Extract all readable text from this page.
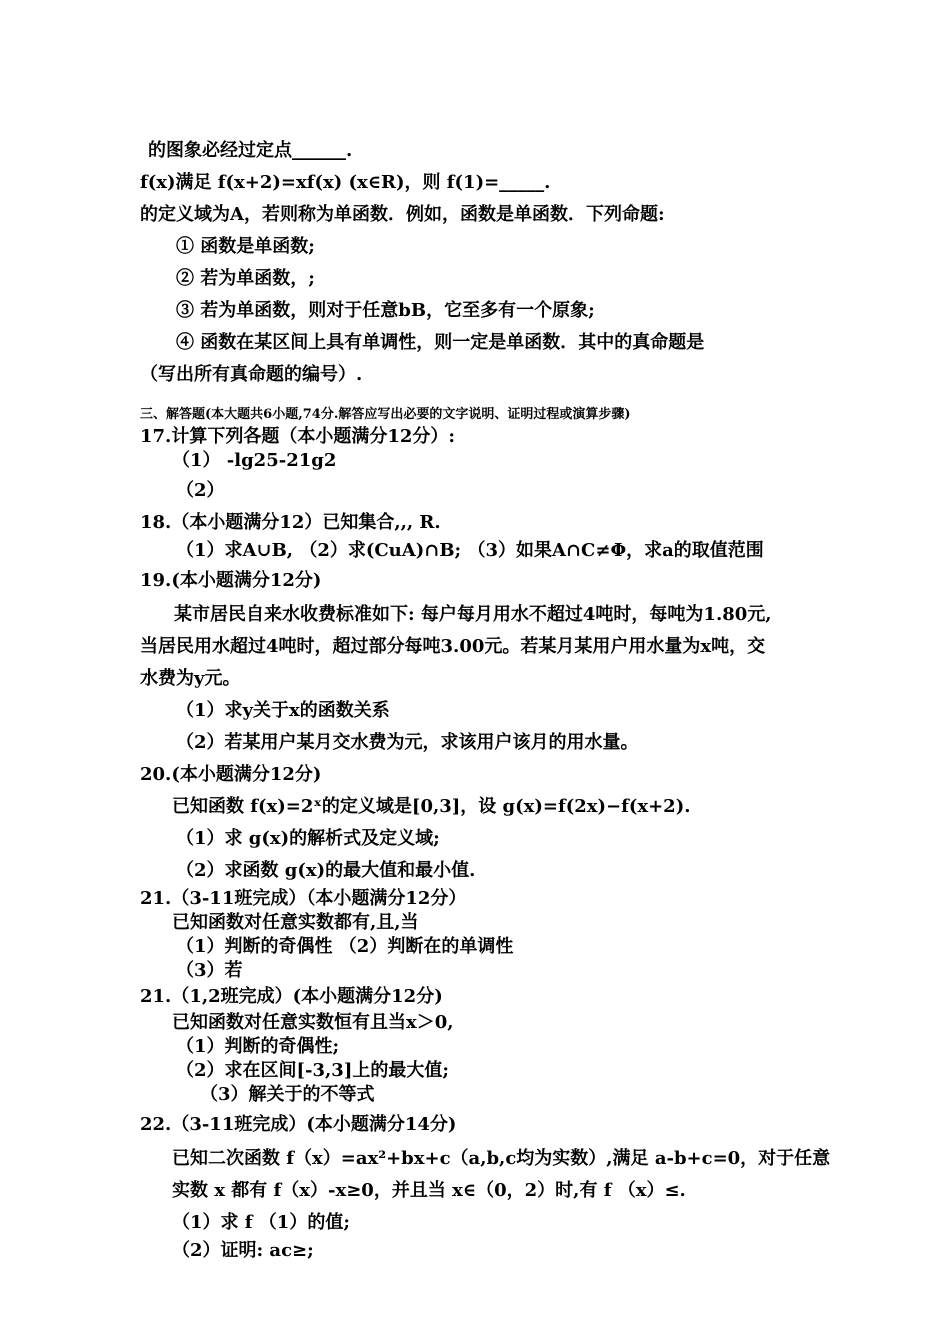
的图象必经过定点______.
f(x)满足 f(x+2)=xf(x) (x∈R)，则 f(1)=_____.
的定义域为A，若则称为单函数．例如，函数是单函数．下列命题:
① 函数是单函数;
② 若为单函数，;
③ 若为单函数，则对于任意bB，它至多有一个原象;
④ 函数在某区间上具有单调性，则一定是单函数．其中的真命题是
（写出所有真命题的编号）.
三、解答题(本大题共6小题,74分.解答应写出必要的文字说明、证明过程或演算步骤)
17.计算下列各题（本小题满分12分）:
（1） -lg25-21g2
（2）
18.（本小题满分12）已知集合,,, R.
（1）求A∪B, （2）求(CuA)∩B; （3）如果A∩C≠Φ，求a的取值范围
19.(本小题满分12分)
某市居民自来水收费标准如下: 每户每月用水不超过4吨时，每吨为1.80元,
当居民用水超过4吨时，超过部分每吨3.00元。若某月某用户用水量为x吨，交
水费为y元。
（1）求y关于x的函数关系
（2）若某用户某月交水费为元，求该用户该月的用水量。
20.(本小题满分12分)
已知函数 f(x)=2ˣ的定义域是[0,3]，设 g(x)=f(2x)−f(x+2).
（1）求 g(x)的解析式及定义域;
（2）求函数 g(x)的最大值和最小值.
21.（3-11班完成）（本小题满分12分）
已知函数对任意实数都有,且,当
（1）判断的奇偶性 （2）判断在的单调性
（3）若
21.（1,2班完成）(本小题满分12分)
已知函数对任意实数恒有且当x＞0,
（1）判断的奇偶性;
（2）求在区间[-3,3]上的最大值;
（3）解关于的不等式
22.（3-11班完成）(本小题满分14分)
已知二次函数 f（x）=ax²+bx+c（a,b,c均为实数）,满足 a-b+c=0，对于任意
实数 x 都有 f（x）-x≥0，并且当 x∈（0，2）时,有 f （x）≤.
（1）求 f （1）的值;
（2）证明: ac≥;
